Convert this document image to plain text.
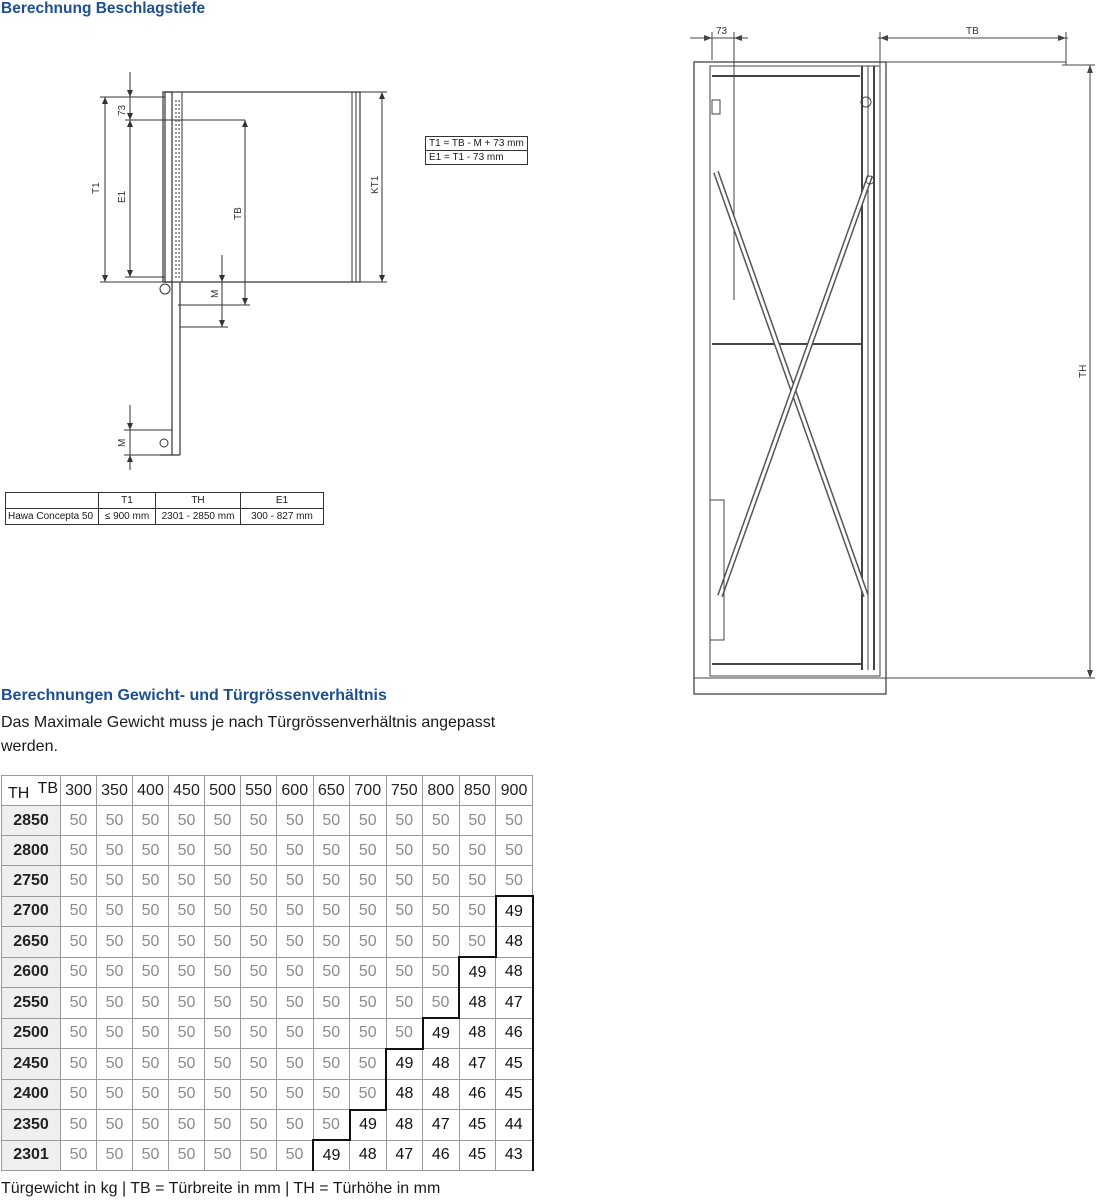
Berechnung Beschlagstiefe
73
T1
E1
TB
KT1
M
M
T1 = TB - M + 73 mm
E1 = T1 - 73 mm
	T1	TH	E1
Hawa Concepta 50	≤ 900 mm	2301 - 2850 mm	300 - 827 mm
73	TB
TH
Berechnungen Gewicht- und Türgrössenverhältnis
Das Maximale Gewicht muss je nach Türgrössenverhältnis angepasst werden.
TB
TH	300	350	400	450	500	550	600	650	700	750	800	850	900
2850	50	50	50	50	50	50	50	50	50	50	50	50	50
2800	50	50	50	50	50	50	50	50	50	50	50	50	50
2750	50	50	50	50	50	50	50	50	50	50	50	50	50
2700	50	50	50	50	50	50	50	50	50	50	50	50	49
2650	50	50	50	50	50	50	50	50	50	50	50	50	48
2600	50	50	50	50	50	50	50	50	50	50	50	49	48
2550	50	50	50	50	50	50	50	50	50	50	50	48	47
2500	50	50	50	50	50	50	50	50	50	50	49	48	46
2450	50	50	50	50	50	50	50	50	50	49	48	47	45
2400	50	50	50	50	50	50	50	50	50	48	48	46	45
2350	50	50	50	50	50	50	50	50	49	48	47	45	44
2301	50	50	50	50	50	50	50	49	48	47	46	45	43
Türgewicht in kg | TB = Türbreite in mm | TH = Türhöhe in mm
